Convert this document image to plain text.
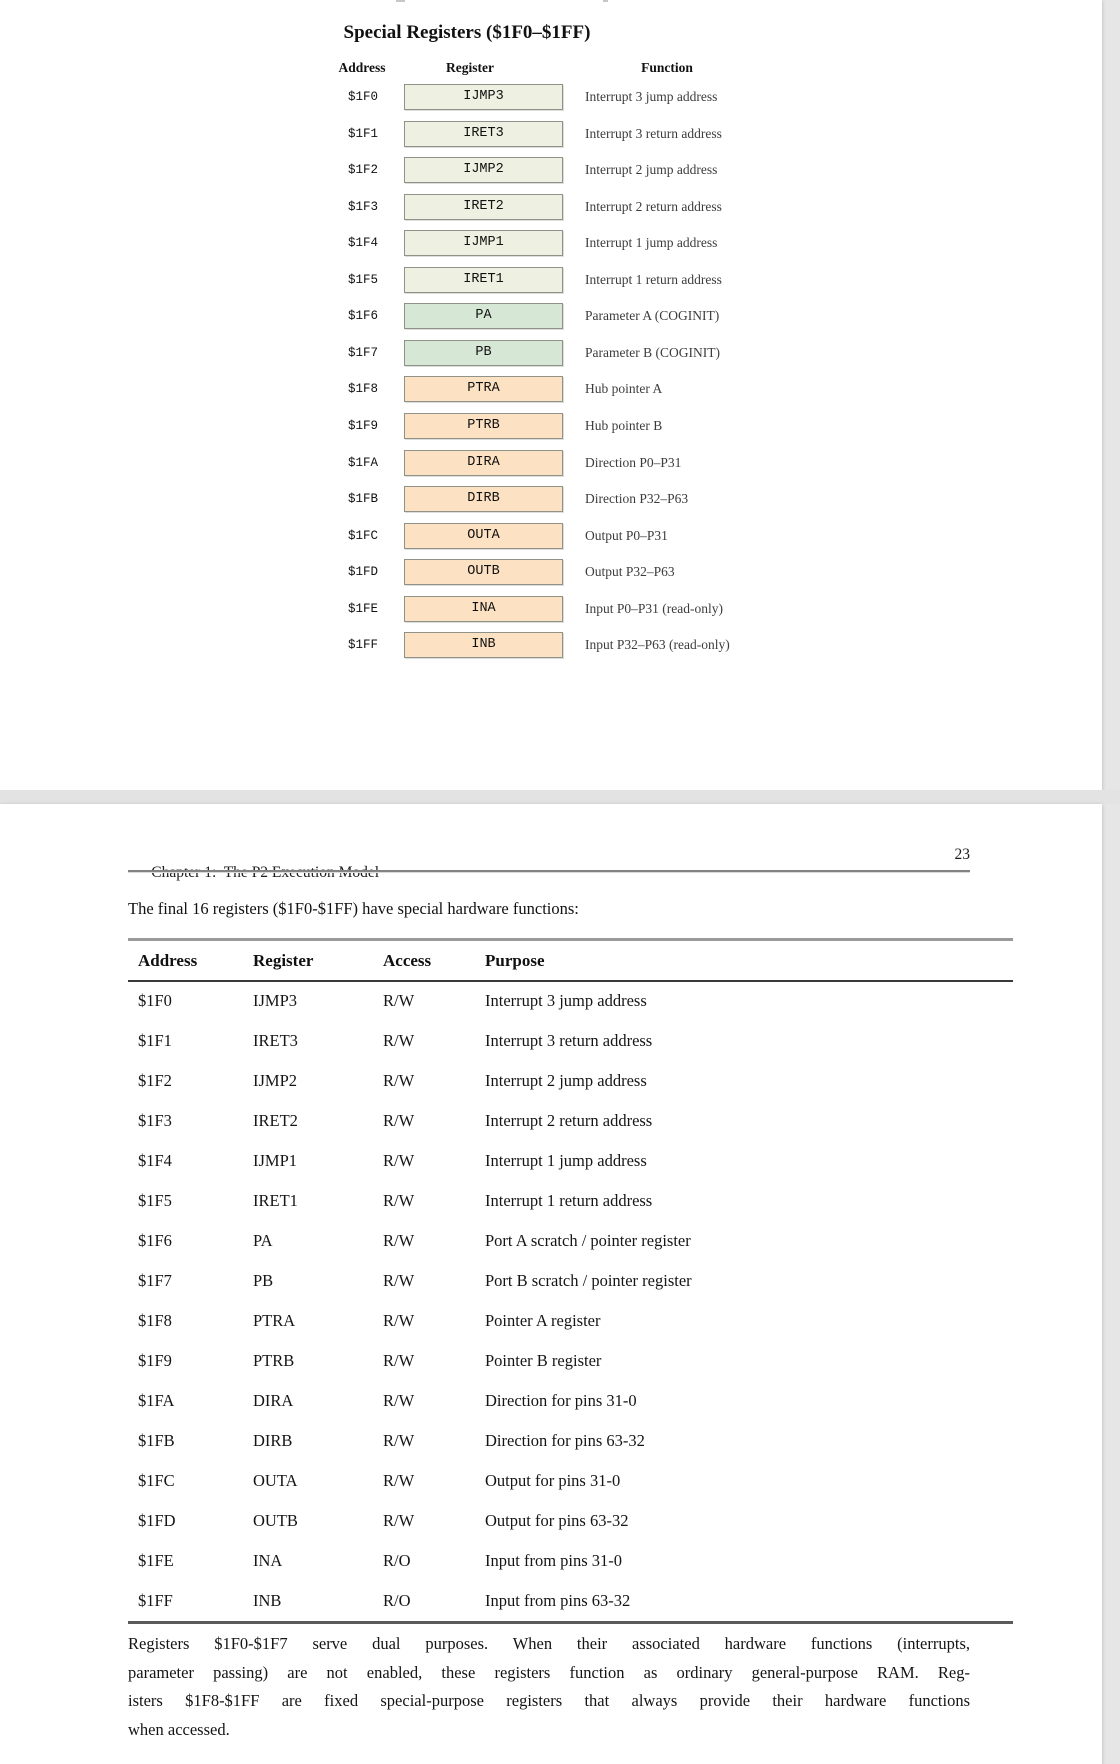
Special Registers ($1F0–$1FF)
Address	Register	Function
$1F0	IJMP3	Interrupt 3 jump address
$1F1	IRET3	Interrupt 3 return address
$1F2	IJMP2	Interrupt 2 jump address
$1F3	IRET2	Interrupt 2 return address
$1F4	IJMP1	Interrupt 1 jump address
$1F5	IRET1	Interrupt 1 return address
$1F6	PA	Parameter A (COGINIT)
$1F7	PB	Parameter B (COGINIT)
$1F8	PTRA	Hub pointer A
$1F9	PTRB	Hub pointer B
$1FA	DIRA	Direction P0–P31
$1FB	DIRB	Direction P32–P63
$1FC	OUTA	Output P0–P31
$1FD	OUTB	Output P32–P63
$1FE	INA	Input P0–P31 (read-only)
$1FF	INB	Input P32–P63 (read-only)

23

The final 16 registers ($1F0-$1FF) have special hardware functions:
Address	Register	Access	Purpose
$1F0	IJMP3	R/W	Interrupt 3 jump address
$1F1	IRET3	R/W	Interrupt 3 return address
$1F2	IJMP2	R/W	Interrupt 2 jump address
$1F3	IRET2	R/W	Interrupt 2 return address
$1F4	IJMP1	R/W	Interrupt 1 jump address
$1F5	IRET1	R/W	Interrupt 1 return address
$1F6	PA	R/W	Port A scratch / pointer register
$1F7	PB	R/W	Port B scratch / pointer register
$1F8	PTRA	R/W	Pointer A register
$1F9	PTRB	R/W	Pointer B register
$1FA	DIRA	R/W	Direction for pins 31-0
$1FB	DIRB	R/W	Direction for pins 63-32
$1FC	OUTA	R/W	Output for pins 31-0
$1FD	OUTB	R/W	Output for pins 63-32
$1FE	INA	R/O	Input from pins 31-0
$1FF	INB	R/O	Input from pins 63-32
Registers $1F0-$1F7 serve dual purposes. When their associated hardware functions (interrupts,
parameter passing) are not enabled, these registers function as ordinary general-purpose RAM. Reg-
isters $1F8-$1FF are fixed special-purpose registers that always provide their hardware functions
when accessed.
